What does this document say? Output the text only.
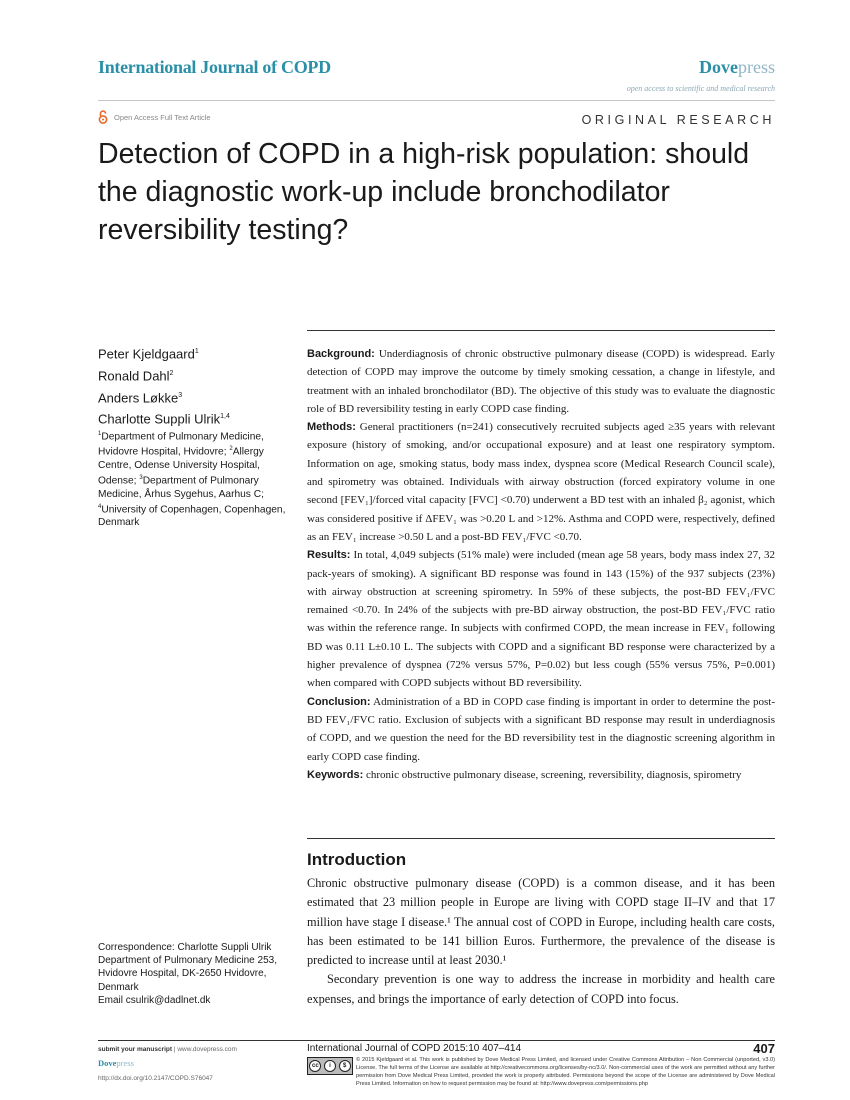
International Journal of COPD	Dovepress
open access to scientific and medical research
Open Access Full Text Article	ORIGINAL RESEARCH
Detection of COPD in a high-risk population: should the diagnostic work-up include bronchodilator reversibility testing?
Peter Kjeldgaard$^1$
Ronald Dahl$^2$
Anders Løkke$^3$
Charlotte Suppli Ulrik$^{1,4}$
$^1$Department of Pulmonary Medicine, Hvidovre Hospital, Hvidovre; $^2$Allergy Centre, Odense University Hospital, Odense; $^3$Department of Pulmonary Medicine, Århus Sygehus, Aarhus C; $^4$University of Copenhagen, Copenhagen, Denmark
Correspondence: Charlotte Suppli Ulrik
Department of Pulmonary Medicine 253,
Hvidovre Hospital, DK-2650 Hvidovre,
Denmark
Email csulrik@dadlnet.dk

Background: Underdiagnosis of chronic obstructive pulmonary disease (COPD) is widespread. Early detection of COPD may improve the outcome by timely smoking cessation, a change in lifestyle, and treatment with an inhaled bronchodilator (BD). The objective of this study was to evaluate the diagnostic role of BD reversibility testing in early COPD case finding.

Methods: General practitioners (n=241) consecutively recruited subjects aged ≥35 years with relevant exposure (history of smoking, and/or occupational exposure) and at least one respiratory symptom. Information on age, smoking status, body mass index, dyspnea score (Medical Research Council scale), and spirometry was obtained. Individuals with airway obstruction (forced expiratory volume in one second [FEV₁]/forced vital capacity [FVC] <0.70) underwent a BD test with an inhaled β₂ agonist, which was considered positive if ΔFEV₁ was >0.20 L and >12%. Asthma and COPD were, respectively, defined as an FEV₁ increase >0.50 L and a post-BD FEV₁/FVC <0.70.

Results: In total, 4,049 subjects (51% male) were included (mean age 58 years, body mass index 27, 32 pack-years of smoking). A significant BD response was found in 143 (15%) of the 937 subjects (23%) with airway obstruction at screening spirometry. In 59% of these subjects, the post-BD FEV₁/FVC remained <0.70. In 24% of the subjects with pre-BD airway obstruction, the post-BD FEV₁/FVC ratio was within the reference range. In subjects with confirmed COPD, the mean increase in FEV₁ following BD was 0.11 L±0.10 L. The subjects with COPD and a significant BD response were characterized by a higher prevalence of dyspnea (72% versus 57%, P=0.02) but less cough (55% versus 75%, P=0.001) when compared with COPD subjects without BD reversibility.

Conclusion: Administration of a BD in COPD case finding is important in order to determine the post-BD FEV₁/FVC ratio. Exclusion of subjects with a significant BD response may result in underdiagnosis of COPD, and we question the need for the BD reversibility test in the diagnostic screening algorithm in early COPD case finding.

Keywords: chronic obstructive pulmonary disease, screening, reversibility, diagnosis, spirometry

Introduction

Chronic obstructive pulmonary disease (COPD) is a common disease, and it has been estimated that 23 million people in Europe are living with COPD stage II–IV and that 17 million have stage I disease.¹ The annual cost of COPD in Europe, including health care costs, has been estimated to be 141 billion Euros. Furthermore, the prevalence of the disease is predicted to increase until at least 2030.¹

Secondary prevention is one way to address the increase in morbidity and health care expenses, and brings the importance of early detection of COPD into focus.

submit your manuscript | www.dovepress.com
Dovepress
http://dx.doi.org/10.2147/COPD.S76047
International Journal of COPD 2015:10 407–414	407
cc	i	$
© 2015 Kjeldgaard et al. This work is published by Dove Medical Press Limited, and licensed under Creative Commons Attribution – Non Commercial (unported, v3.0) License. The full terms of the License are available at http://creativecommons.org/licenses/by-nc/3.0/. Non-commercial uses of the work are permitted without any further permission from Dove Medical Press Limited, provided the work is properly attributed. Permissions beyond the scope of the License are administered by Dove Medical Press Limited. Information on how to request permission may be found at: http://www.dovepress.com/permissions.php
